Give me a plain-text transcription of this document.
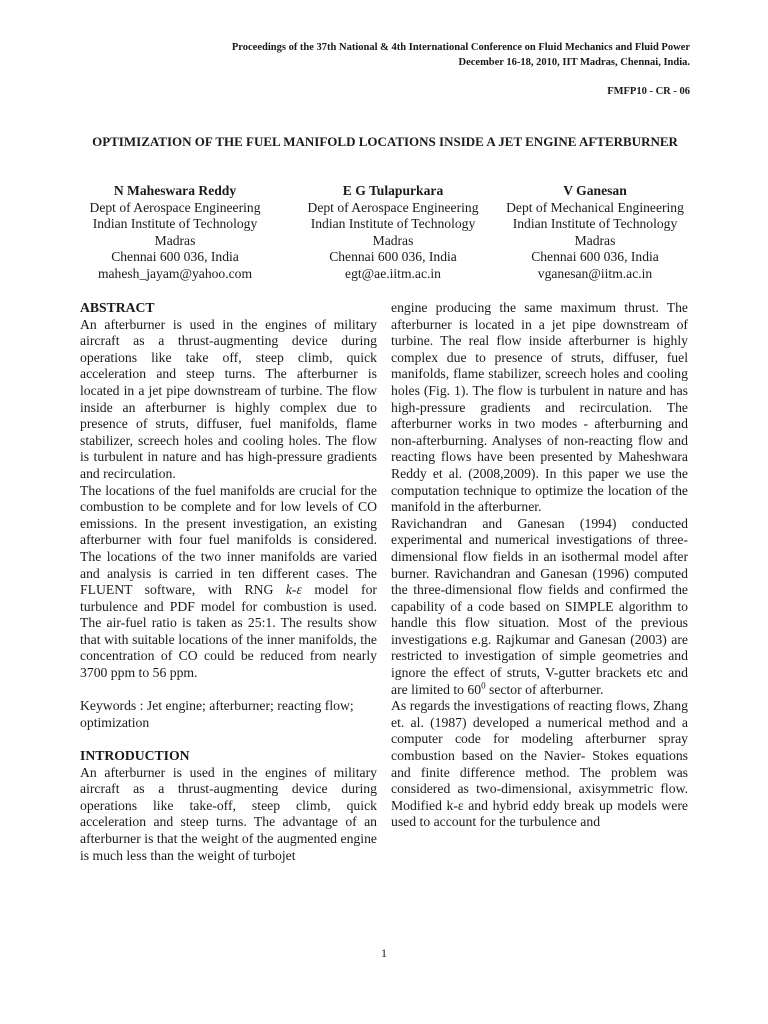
Proceedings of the 37th National & 4th International Conference on Fluid Mechanics and Fluid Power
December 16-18, 2010, IIT Madras, Chennai, India.
FMFP10 - CR - 06
OPTIMIZATION OF THE FUEL MANIFOLD LOCATIONS INSIDE A JET ENGINE AFTERBURNER
N Maheswara Reddy
Dept of Aerospace Engineering
Indian Institute of Technology
Madras
Chennai 600 036, India
mahesh_jayam@yahoo.com
E G Tulapurkara
Dept of Aerospace Engineering
Indian Institute of Technology
Madras
Chennai 600 036, India
egt@ae.iitm.ac.in
V Ganesan
Dept of Mechanical Engineering
Indian Institute of Technology
Madras
Chennai 600 036, India
vganesan@iitm.ac.in

ABSTRACT

An afterburner is used in the engines of military aircraft as a thrust-augmenting device during operations like take off, steep climb, quick acceleration and steep turns. The afterburner is located in a jet pipe downstream of turbine. The flow inside an afterburner is highly complex due to presence of struts, diffuser, fuel manifolds, flame stabilizer, screech holes and cooling holes. The flow is turbulent in nature and has high-pressure gradients and recirculation.

The locations of the fuel manifolds are crucial for the combustion to be complete and for low levels of CO emissions. In the present investigation, an existing afterburner with four fuel manifolds is considered. The locations of the two inner manifolds are varied and analysis is carried in ten different cases. The FLUENT software, with RNG k-ε model for turbulence and PDF model for combustion is used. The air-fuel ratio is taken as 25:1. The results show that with suitable locations of the inner manifolds, the concentration of CO could be reduced from nearly 3700 ppm to 56 ppm.

Keywords : Jet engine; afterburner; reacting flow; optimization

INTRODUCTION

An afterburner is used in the engines of military aircraft as a thrust-augmenting device during operations like take-off, steep climb, quick acceleration and steep turns. The advantage of an afterburner is that the weight of the augmented engine is much less than the weight of turbojet

engine producing the same maximum thrust. The afterburner is located in a jet pipe downstream of turbine. The real flow inside afterburner is highly complex due to presence of struts, diffuser, fuel manifolds, flame stabilizer, screech holes and cooling holes (Fig. 1). The flow is turbulent in nature and has high-pressure gradients and recirculation. The afterburner works in two modes - afterburning and non-afterburning. Analyses of non-reacting flow and reacting flows have been presented by Maheshwara Reddy et al. (2008,2009). In this paper we use the computation technique to optimize the location of the manifold in the afterburner.

Ravichandran and Ganesan (1994) conducted experimental and numerical investigations of three-dimensional flow fields in an isothermal model after burner. Ravichandran and Ganesan (1996) computed the three-dimensional flow fields and confirmed the capability of a code based on SIMPLE algorithm to handle this flow situation. Most of the previous investigations e.g. Rajkumar and Ganesan (2003) are restricted to investigation of simple geometries and ignore the effect of struts, V-gutter brackets etc and are limited to $60^0$ sector of afterburner.

As regards the investigations of reacting flows, Zhang et. al. (1987) developed a numerical method and a computer code for modeling afterburner spray combustion based on the Navier- Stokes equations and finite difference method. The problem was considered as two-dimensional, axisymmetric flow. Modified k-ε and hybrid eddy break up models were used to account for the turbulence and

1
